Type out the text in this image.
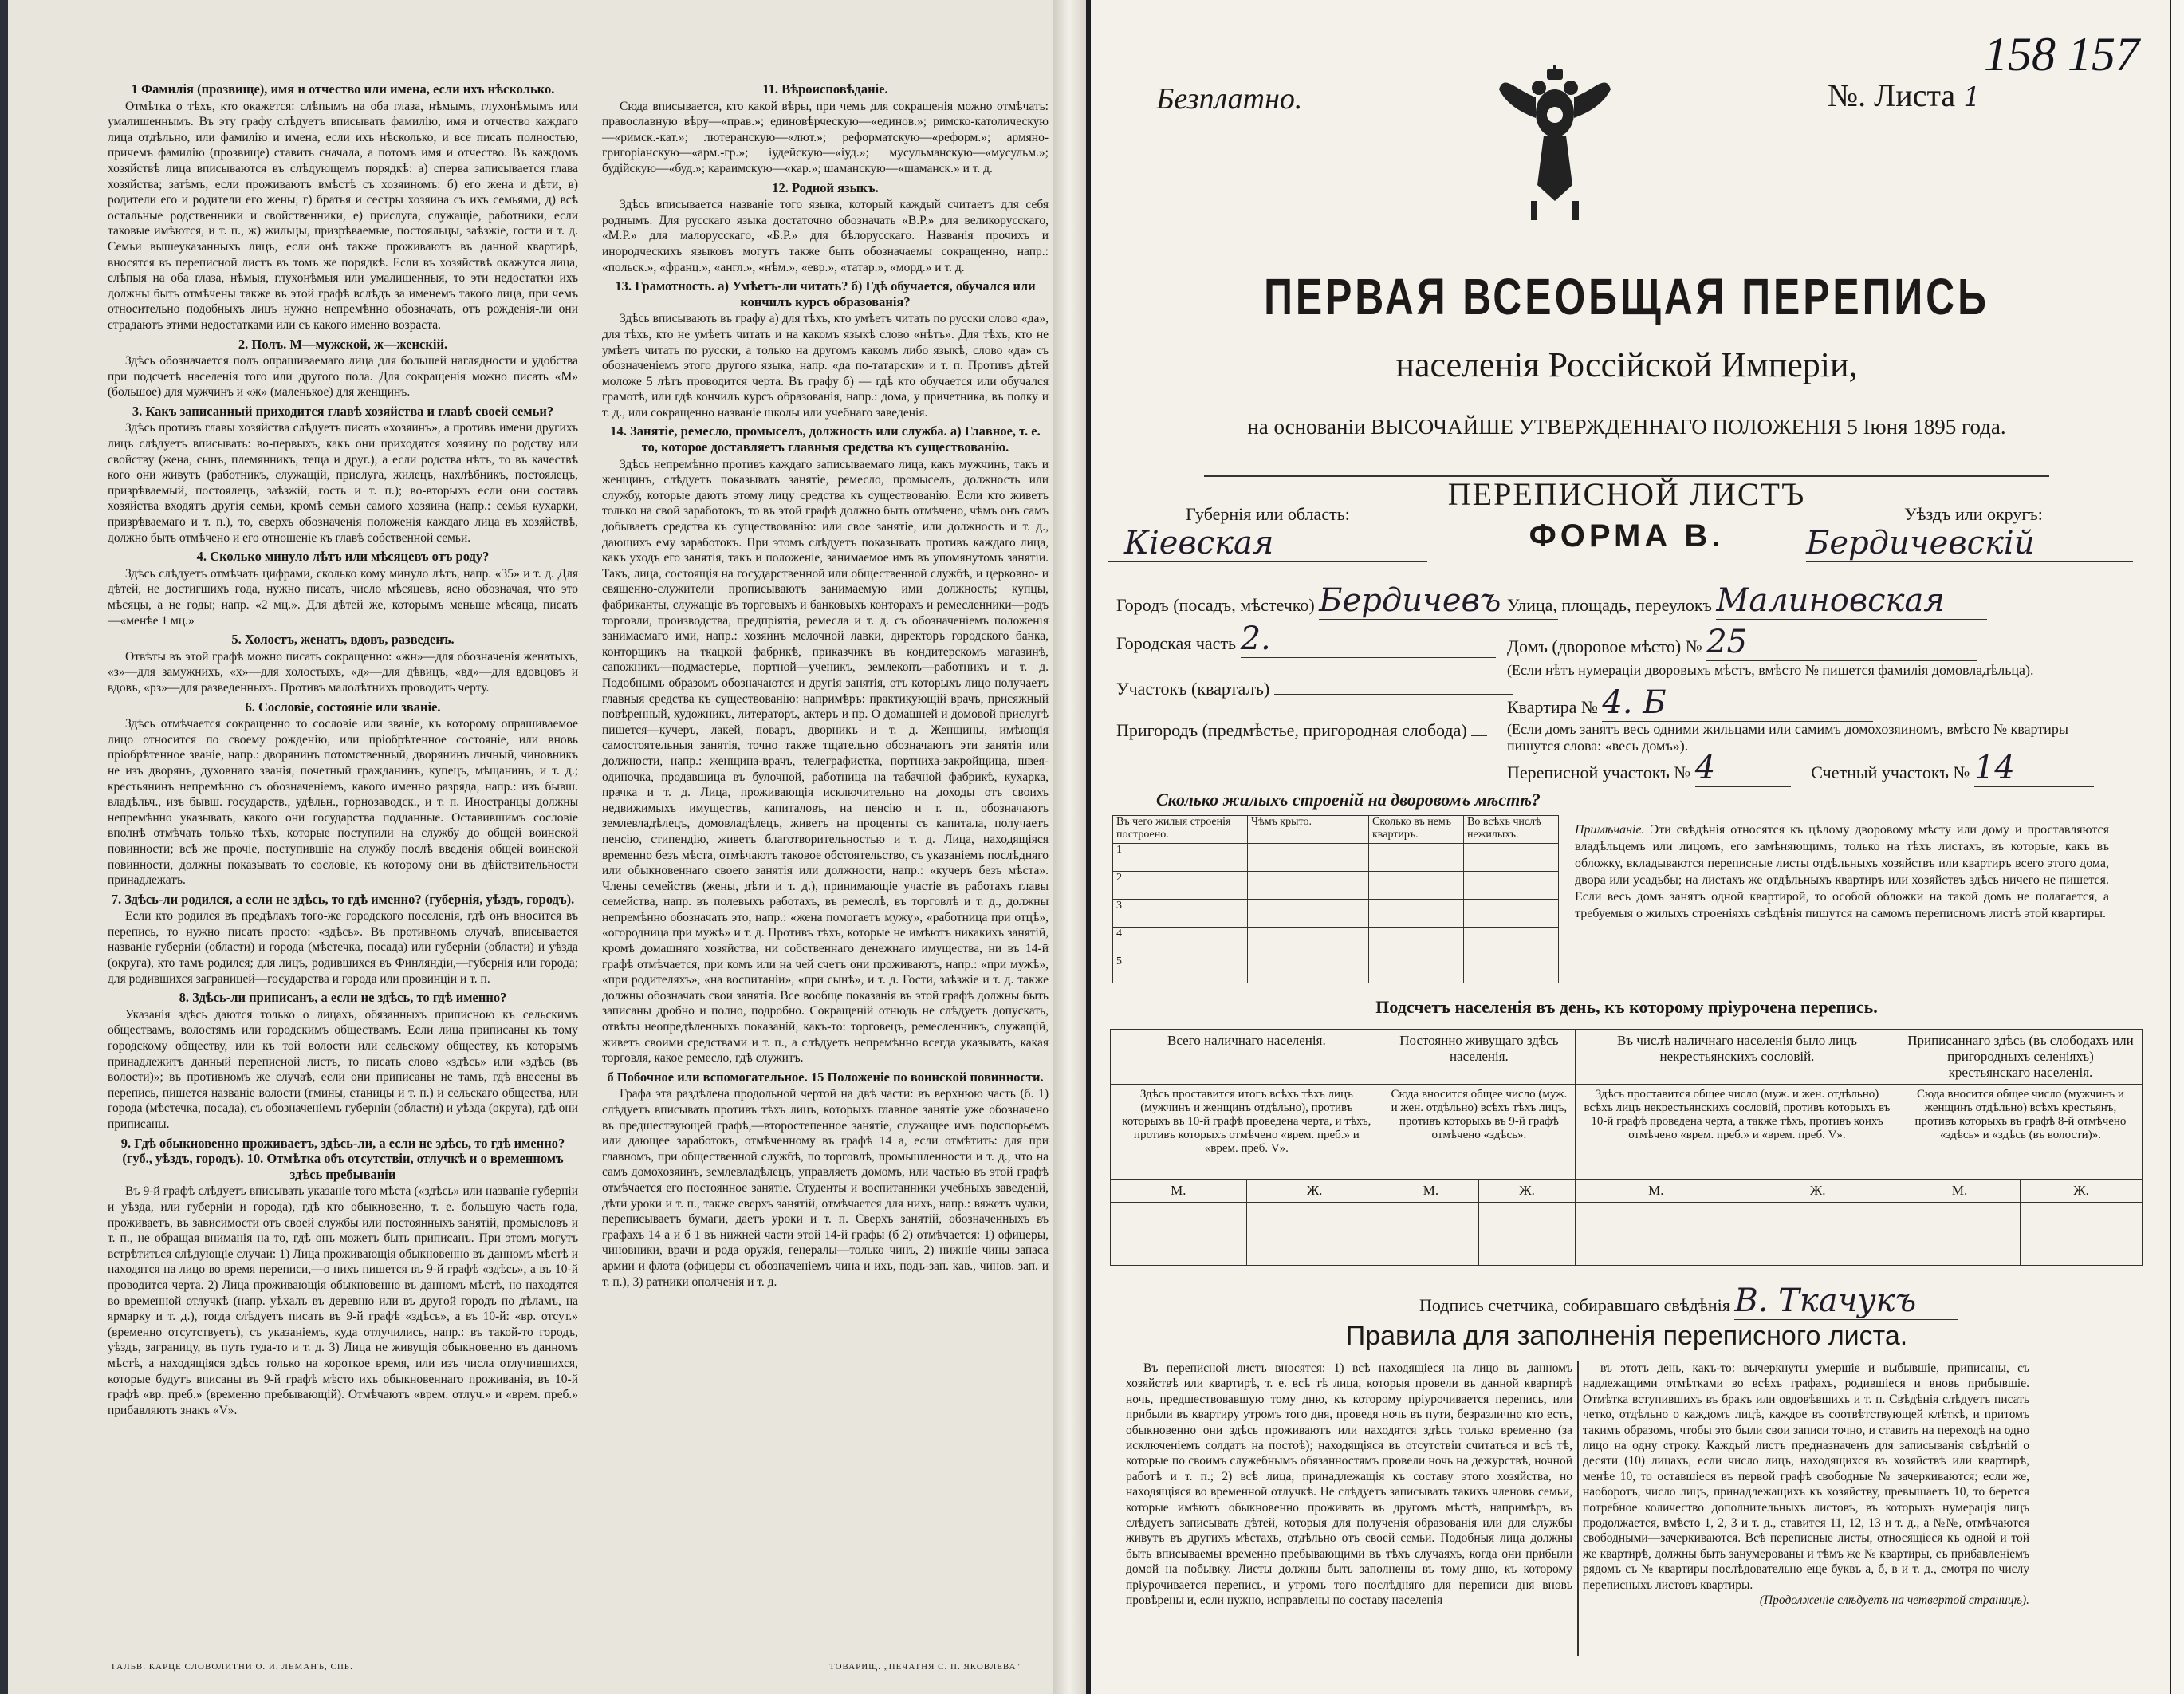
1 Фамилія (прозвище), имя и отчество или имена, если ихъ нѣсколько.

Отмѣтка о тѣхъ, кто окажется: слѣпымъ на оба глаза, нѣмымъ, глухонѣмымъ или умалишеннымъ. Въ эту графу слѣдуетъ вписывать фамилію, имя и отчество каждаго лица отдѣльно, или фамилію и имена, если ихъ нѣсколько, и все писать полностью, причемъ фамилію (прозвище) ставить сначала, а потомъ имя и отчество. Въ каждомъ хозяйствѣ лица вписываются въ слѣдующемъ порядкѣ: а) сперва записывается глава хозяйства; затѣмъ, если проживаютъ вмѣстѣ съ хозяиномъ: б) его жена и дѣти, в) родители его и родители его жены, г) братья и сестры хозяина съ ихъ семьями, д) всѣ остальные родственники и свойственники, е) прислуга, служащіе, работники, если таковые имѣются, и т. п., ж) жильцы, призрѣваемые, постояльцы, заѣзжіе, гости и т. д. Семьи вышеуказанныхъ лицъ, если онѣ также проживаютъ въ данной квартирѣ, вносятся въ переписной листъ въ томъ же порядкѣ. Если въ хозяйствѣ окажутся лица, слѣпыя на оба глаза, нѣмыя, глухонѣмыя или умалишенныя, то эти недостатки ихъ должны быть отмѣчены также въ этой графѣ вслѣдъ за именемъ такого лица, при чемъ относительно подобныхъ лицъ нужно непремѣнно обозначать, отъ рожденія-ли они страдаютъ этими недостатками или съ какого именно возраста.

2. Полъ. М—мужской, ж—женскій.

Здѣсь обозначается полъ опрашиваемаго лица для большей наглядности и удобства при подсчетѣ населенія того или другого пола. Для сокращенія можно писать «М» (большое) для мужчинъ и «ж» (маленькое) для женщинъ.

3. Какъ записанный приходится главѣ хозяйства и главѣ своей семьи?

Здѣсь противъ главы хозяйства слѣдуетъ писать «хозяинъ», а противъ имени другихъ лицъ слѣдуетъ вписывать: во-первыхъ, какъ они приходятся хозяину по родству или свойству (жена, сынъ, племянникъ, теща и друг.), а если родства нѣтъ, то въ качествѣ кого они живутъ (работникъ, служащій, прислуга, жилецъ, нахлѣбникъ, постоялецъ, призрѣваемый, постоялецъ, заѣзжій, гость и т. п.); во-вторыхъ если они составъ хозяйства входятъ другія семьи, кромѣ семьи самого хозяина (напр.: семья кухарки, призрѣваемаго и т. п.), то, сверхъ обозначенія положенія каждаго лица въ хозяйствѣ, должно быть отмѣчено и его отношеніе къ главѣ собственной семьи.

4. Сколько минуло лѣтъ или мѣсяцевъ отъ роду?

Здѣсь слѣдуетъ отмѣчать цифрами, сколько кому минуло лѣтъ, напр. «35» и т. д. Для дѣтей, не достигшихъ года, нужно писать, число мѣсяцевъ, ясно обозначая, что это мѣсяцы, а не годы; напр. «2 мц.». Для дѣтей же, которымъ меньше мѣсяца, писать—«менѣе 1 мц.»

5. Холостъ, женатъ, вдовъ, разведенъ.

Отвѣты въ этой графѣ можно писать сокращенно: «жн»—для обозначенія женатыхъ, «з»—для замужнихъ, «х»—для холостыхъ, «д»—для дѣвицъ, «вд»—для вдовцовъ и вдовъ, «рз»—для разведенныхъ. Противъ малолѣтнихъ проводить черту.

6. Сословіе, состояніе или званіе.

Здѣсь отмѣчается сокращенно то сословіе или званіе, къ которому опрашиваемое лицо относится по своему рожденію, или пріобрѣтенное состояніе, или вновь пріобрѣтенное званіе, напр.: дворянинъ потомственный, дворянинъ личный, чиновникъ не изъ дворянъ, духовнаго званія, почетный гражданинъ, купецъ, мѣщанинъ, и т. д.; крестьянинъ непремѣнно съ обозначеніемъ, какого именно разряда, напр.: изъ бывш. владѣльч., изъ бывш. государств., удѣльн., горнозаводск., и т. п. Иностранцы должны непремѣнно указывать, какого они государства подданные. Оставившимъ сословіе вполнѣ отмѣчать только тѣхъ, которые поступили на службу до общей воинской повинности; всѣ же прочіе, поступившіе на службу послѣ введенія общей воинской повинности, должны показывать то сословіе, къ которому они въ дѣйствительности принадлежатъ.

7. Здѣсь-ли родился, а если не здѣсь, то гдѣ именно? (губернія, уѣздъ, городъ).

Если кто родился въ предѣлахъ того-же городского поселенія, гдѣ онъ вносится въ перепись, то нужно писать просто: «здѣсь». Въ противномъ случаѣ, вписывается названіе губерніи (области) и города (мѣстечка, посада) или губерніи (области) и уѣзда (округа), кто тамъ родился; для лицъ, родившихся въ Финляндіи,—губернія или города; для родившихся заграницей—государства и города или провинціи и т. п.

8. Здѣсь-ли приписанъ, а если не здѣсь, то гдѣ именно?

Указанія здѣсь даются только о лицахъ, обязанныхъ приписною къ сельскимъ обществамъ, волостямъ или городскимъ обществамъ. Если лица приписаны къ тому городскому обществу, или къ той волости или сельскому обществу, къ которымъ принадлежитъ данный переписной листъ, то писать слово «здѣсь» или «здѣсь (въ волости)»; въ противномъ же случаѣ, если они приписаны не тамъ, гдѣ внесены въ перепись, пишется названіе волости (гмины, станицы и т. п.) и сельскаго общества, или города (мѣстечка, посада), съ обозначеніемъ губерніи (области) и уѣзда (округа), гдѣ они приписаны.

9. Гдѣ обыкновенно проживаетъ, здѣсь-ли, а если не здѣсь, то гдѣ именно? (губ., уѣздъ, городъ). 10. Отмѣтка объ отсутствіи, отлучкѣ и о временномъ здѣсь пребываніи

Въ 9-й графѣ слѣдуетъ вписывать указаніе того мѣста («здѣсь» или названіе губерніи и уѣзда, или губерніи и города), гдѣ кто обыкновенно, т. е. большую часть года, проживаетъ, въ зависимости отъ своей службы или постоянныхъ занятій, промысловъ и т. п., не обращая вниманія на то, гдѣ онъ можетъ быть приписанъ. При этомъ могутъ встрѣтиться слѣдующіе случаи: 1) Лица проживающія обыкновенно въ данномъ мѣстѣ и находятся на лицо во время переписи,—о нихъ пишется въ 9-й графѣ «здѣсь», а въ 10-й проводится черта. 2) Лица проживающія обыкновенно въ данномъ мѣстѣ, но находятся во временной отлучкѣ (напр. уѣхалъ въ деревню или въ другой городъ по дѣламъ, на ярмарку и т. д.), тогда слѣдуетъ писать въ 9-й графѣ «здѣсь», а въ 10-й: «вр. отсут.» (временно отсутствуетъ), съ указаніемъ, куда отлучились, напр.: въ такой-то городъ, уѣздъ, заграницу, въ путь туда-то и т. д. 3) Лица не живущія обыкновенно въ данномъ мѣстѣ, а находящіяся здѣсь только на короткое время, или изъ числа отлучившихся, которые будутъ вписаны въ 9-й графѣ мѣсто ихъ обыкновеннаго проживанія, въ 10-й графѣ «вр. преб.» (временно пребывающій). Отмѣчаютъ «врем. отлуч.» и «врем. преб.» прибавляютъ знакъ «V».

11. Вѣроисповѣданіе.

Сюда вписывается, кто какой вѣры, при чемъ для сокращенія можно отмѣчать: православную вѣру—«прав.»; единовѣрческую—«единов.»; римско-католическую—«римск.-кат.»; лютеранскую—«лют.»; реформатскую—«реформ.»; армяно-григоріанскую—«арм.-гр.»; іудейскую—«іуд.»; мусульманскую—«мусульм.»; будійскую—«буд.»; караимскую—«кар.»; шаманскую—«шаманск.» и т. д.

12. Родной языкъ.

Здѣсь вписывается названіе того языка, который каждый считаетъ для себя роднымъ. Для русскаго языка достаточно обозначать «В.Р.» для великорусскаго, «М.Р.» для малорусскаго, «Б.Р.» для бѣлорусскаго. Названія прочихъ и инородческихъ языковъ могутъ также быть обозначаемы сокращенно, напр.: «польск.», «франц.», «англ.», «нѣм.», «евр.», «татар.», «морд.» и т. д.

13. Грамотность. а) Умѣетъ-ли читать? б) Гдѣ обучается, обучался или кончилъ курсъ образованія?

Здѣсь вписывають въ графу а) для тѣхъ, кто умѣетъ читать по русски слово «да», для тѣхъ, кто не умѣетъ читать и на какомъ языкѣ слово «нѣтъ». Для тѣхъ, кто не умѣетъ читать по русски, а только на другомъ какомъ либо языкѣ, слово «да» съ обозначеніемъ этого другого языка, напр. «да по-татарски» и т. п. Противъ дѣтей моложе 5 лѣтъ проводится черта. Въ графу б) — гдѣ кто обучается или обучался грамотѣ, или гдѣ кончилъ курсъ образованія, напр.: дома, у причетника, въ полку и т. д., или сокращенно названіе школы или учебнаго заведенія.

14. Занятіе, ремесло, промыселъ, должность или служба. а) Главное, т. е. то, которое доставляетъ главныя средства къ существованію.

Здѣсь непремѣнно противъ каждаго записываемаго лица, какъ мужчинъ, такъ и женщинъ, слѣдуетъ показывать занятіе, ремесло, промыселъ, должность или службу, которые даютъ этому лицу средства къ существованію. Если кто живетъ только на свой заработокъ, то въ этой графѣ должно быть отмѣчено, чѣмъ онъ самъ добываетъ средства къ существованію: или свое занятіе, или должность и т. д., дающихъ ему заработокъ. При этомъ слѣдуетъ показывать противъ каждаго лица, какъ уходъ его занятія, такъ и положеніе, занимаемое имъ въ упомянутомъ занятіи. Такъ, лица, состоящія на государственной или общественной службѣ, и церковно- и священно-служители прописываютъ занимаемую ими должность; купцы, фабриканты, служащіе въ торговыхъ и банковыхъ конторахъ и ремесленники—родъ торговли, производства, предпріятія, ремесла и т. д. съ обозначеніемъ положенія занимаемаго ими, напр.: хозяинъ мелочной лавки, директоръ городского банка, конторщикъ на ткацкой фабрикѣ, приказчикъ въ кондитерскомъ магазинѣ, сапожникъ—подмастерье, портной—ученикъ, землекопъ—работникъ и т. д. Подобнымъ образомъ обозначаются и другія занятія, отъ которыхъ лицо получаетъ главныя средства къ существованію: напримѣръ: практикующій врачъ, присяжный повѣренный, художникъ, литераторъ, актеръ и пр. О домашней и домовой прислугѣ пишется—кучеръ, лакей, поваръ, дворникъ и т. д. Женщины, имѣющія самостоятельныя занятія, точно также тщательно обозначаютъ эти занятія или должности, напр.: женщина-врачъ, телеграфистка, портниха-закройщица, швея-одиночка, продавщица въ булочной, работница на табачной фабрикѣ, кухарка, прачка и т. д. Лица, проживающія исключительно на доходы отъ своихъ недвижимыхъ имуществъ, капиталовъ, на пенсію и т. п., обозначаютъ землевладѣлецъ, домовладѣлецъ, живетъ на проценты съ капитала, получаетъ пенсію, стипендію, живетъ благотворительностью и т. д. Лица, находящіяся временно безъ мѣста, отмѣчаютъ таковое обстоятельство, съ указаніемъ послѣдняго или обыкновеннаго своего занятія или должности, напр.: «кучеръ безъ мѣста». Члены семействъ (жены, дѣти и т. д.), принимающіе участіе въ работахъ главы семейства, напр. въ полевыхъ работахъ, въ ремеслѣ, въ торговлѣ и т. д., должны непремѣнно обозначать это, напр.: «жена помогаетъ мужу», «работница при отцѣ», «огородница при мужѣ» и т. д. Противъ тѣхъ, которые не имѣютъ никакихъ занятій, кромѣ домашняго хозяйства, ни собственнаго денежнаго имущества, ни въ 14-й графѣ отмѣчается, при комъ или на чей счетъ они проживаютъ, напр.: «при мужѣ», «при родителяхъ», «на воспитаніи», «при сынѣ», и т. д. Гости, заѣзжіе и т. д. также должны обозначать свои занятія. Все вообще показанія въ этой графѣ должны быть записаны дробно и полно, подробно. Сокращеній отнюдь не слѣдуетъ допускать, отвѣты неопредѣленныхъ показаній, какъ-то: торговецъ, ремесленникъ, служащій, живетъ своими средствами и т. п., а слѣдуетъ непремѣнно всегда указывать, какая торговля, какое ремесло, гдѣ служитъ.

б Побочное или вспомогательное. 15 Положеніе по воинской повинности.

Графа эта раздѣлена продольной чертой на двѣ части: въ верхнюю часть (б. 1) слѣдуетъ вписывать противъ тѣхъ лицъ, которыхъ главное занятіе уже обозначено въ предшествующей графѣ,—второстепенное занятіе, служащее имъ подспорьемъ или дающее заработокъ, отмѣченному въ графѣ 14 а, если отмѣтить: для при главномъ, при общественной службѣ, по торговлѣ, промышленности и т. д., что на самъ домохозяинъ, землевладѣлецъ, управляетъ домомъ, или частью въ этой графѣ отмѣчается его постоянное занятіе. Студенты и воспитанники учебныхъ заведеній, дѣти уроки и т. п., также сверхъ занятій, отмѣчается для нихъ, напр.: вяжетъ чулки, переписываетъ бумаги, даетъ уроки и т. п. Сверхъ занятій, обозначенныхъ въ графахъ 14 а и б 1 въ нижней части этой 14-й графы (б 2) отмѣчается: 1) офицеры, чиновники, врачи и рода оружія, генералы—только чинъ, 2) нижніе чины запаса армии и флота (офицеры съ обозначеніемъ чина и ихъ, подъ-зап. кав., чинов. зап. и т. п.), 3) ратники ополченія и т. д.

ГАЛЬВ. КАРЦЕ СЛОВОЛИТНИ О. И. ЛЕМАНЪ, СПБ.	ТОВАРИЩ. „ПЕЧАТНЯ С. П. ЯКОВЛЕВА"
Безплатно.	№. Листа 1
158 157
ПЕРВАЯ ВСЕОБЩАЯ ПЕРЕПИСЬ
населенія Россійской Имперіи,
на основаніи ВЫСОЧАЙШЕ УТВЕРЖДЕННАГО ПОЛОЖЕНІЯ 5 Іюня 1895 года.
ПЕРЕПИСНОЙ ЛИСТЪ
ФОРМА В.
Губернія или область:
Кіевская
Уѣздъ или округъ:
Бердичевскій
Городъ (посадъ, мѣстечко) Бердичевъ Улица, площадь, переулокъ Малиновская
Городская часть 2.	Домъ (дворовое мѣсто) № 25
(Если нѣтъ нумераціи дворовыхъ мѣстъ, вмѣсто № пишется фамилія домовладѣльца).
Участокъ (кварталъ)
Квартира № 4. Б
Пригородъ (предмѣстье, пригородная слобода)	(Если домъ занятъ весь одними жильцами или самимъ домохозяиномъ, вмѣсто № квартиры пишутся слова: «весь домъ»).
Переписной участокъ № 4	Счетный участокъ № 14
Сколько жилыхъ строеній на дворовомъ мѣстѣ?
Въ чего жилыя строенія построено.	Чѣмъ крыто.	Сколько въ немъ квартиръ.	Во всѣхъ числѣ нежилыхъ.
1			
2			
3			
4			
5			
Примѣчаніе. Эти свѣдѣнія относятся къ цѣлому дворовому мѣсту или дому и проставляются владѣльцемъ или лицомъ, его замѣняющимъ, только на тѣхъ листахъ, въ которые, какъ въ обложку, вкладываются переписные листы отдѣльныхъ хозяйствъ или квартиръ всего этого дома, двора или усадьбы; на листахъ же отдѣльныхъ квартиръ или хозяйствъ здѣсь ничего не пишется. Если весь домъ занятъ одной квартирой, то особой обложки на такой домъ не полагается, а требуемыя о жилыхъ строеніяхъ свѣдѣнія пишутся на самомъ переписномъ листѣ этой квартиры.
Подсчетъ населенія въ день, къ которому пріурочена перепись.
Всего наличнаго населенія.		Постоянно живущаго здѣсь населенія.		Въ числѣ наличнаго населенія было лицъ некрестьянскихъ сословій.		Приписаннаго здѣсь (въ слободахъ или пригородныхъ селеніяхъ) крестьянскаго населенія.	
Здѣсь проставится итогъ всѣхъ тѣхъ лицъ (мужчинъ и женщинъ отдѣльно), противъ которыхъ въ 10-й графѣ проведена черта, и тѣхъ, противъ которыхъ отмѣчено «врем. преб.» и «врем. преб. V».		Сюда вносится общее число (муж. и жен. отдѣльно) всѣхъ тѣхъ лицъ, противъ которыхъ въ 9-й графѣ отмѣчено «здѣсь».		Здѣсь проставится общее число (муж. и жен. отдѣльно) всѣхъ лицъ некрестьянскихъ сословій, противъ которыхъ въ 10-й графѣ проведена черта, а также тѣхъ, противъ коихъ отмѣчено «врем. преб.» и «врем. преб. V».		Сюда вносится общее число (мужчинъ и женщинъ отдѣльно) всѣхъ крестьянъ, противъ которыхъ въ графѣ 8-й отмѣчено «здѣсь» и «здѣсь (въ волости)».	
М.	Ж.	М.	Ж.	М.	Ж.	М.	Ж.

Подпись счетчика, собиравшаго свѣдѣнія В. Ткачукъ
Правила для заполненія переписного листа.

Въ переписной листъ вносятся: 1) всѣ находящіеся на лицо въ данномъ хозяйствѣ или квартирѣ, т. е. всѣ тѣ лица, которыя провели въ данной квартирѣ ночь, предшествовавшую тому дню, къ которому пріурочивается перепись, или прибыли въ квартиру утромъ того дня, проведя ночь въ пути, безразлично кто есть, обыкновенно они здѣсь проживаютъ или находятся здѣсь только временно (за исключеніемъ солдатъ на постоѣ); находящіяся въ отсутствіи считаться и всѣ тѣ, которые по своимъ служебнымъ обязанностямъ провели ночь на дежурствѣ, ночной работѣ и т. п.; 2) всѣ лица, принадлежащія къ составу этого хозяйства, но находящіяся во временной отлучкѣ. Не слѣдуетъ записывать такихъ членовъ семьи, которые имѣютъ обыкновенно проживать въ другомъ мѣстѣ, напримѣръ, въ слѣдуетъ записывать дѣтей, которыя для полученія образованія или для службы живутъ въ другихъ мѣстахъ, отдѣльно отъ своей семьи. Подобныя лица должны быть вписываемы временно пребывающими въ тѣхъ случаяхъ, когда они прибыли домой на побывку. Листы должны быть заполнены въ тому дню, къ которому пріурочивается перепись, и утромъ того послѣдняго для переписи дня вновь провѣрены и, если нужно, исправлены по составу населенія

въ этотъ день, какъ-то: вычеркнуты умершіе и выбывшіе, приписаны, съ надлежащими отмѣтками во всѣхъ графахъ, родившіеся и вновь прибывшіе. Отмѣтка вступившихъ въ бракъ или овдовѣвшихъ и т. п. Свѣдѣнія слѣдуетъ писать четко, отдѣльно о каждомъ лицѣ, каждое въ соотвѣтствующей клѣткѣ, и притомъ такимъ образомъ, чтобы это были свои записи точно, и ставить на переходѣ на одно лицо на одну строку. Каждый листъ предназначенъ для записыванія свѣдѣній о десяти (10) лицахъ, если число лицъ, находящихся въ хозяйствѣ или квартирѣ, менѣе 10, то оставшіеся въ первой графѣ свободные № зачеркиваются; если же, наоборотъ, число лицъ, принадлежащихъ къ хозяйству, превышаетъ 10, то берется потребное количество дополнительныхъ листовъ, въ которыхъ нумерація лицъ продолжается, вмѣсто 1, 2, 3 и т. д., ставится 11, 12, 13 и т. д., а №№, отмѣчаются свободными—зачеркиваются. Всѣ переписные листы, относящіеся къ одной и той же квартирѣ, должны быть занумерованы и тѣмъ же № квартиры, съ прибавленіемъ рядомъ съ № квартиры послѣдовательно еще буквъ а, б, в и т. д., смотря по числу переписныхъ листовъ квартиры.

(Продолженіе слѣдуетъ на четвертой страницѣ).
